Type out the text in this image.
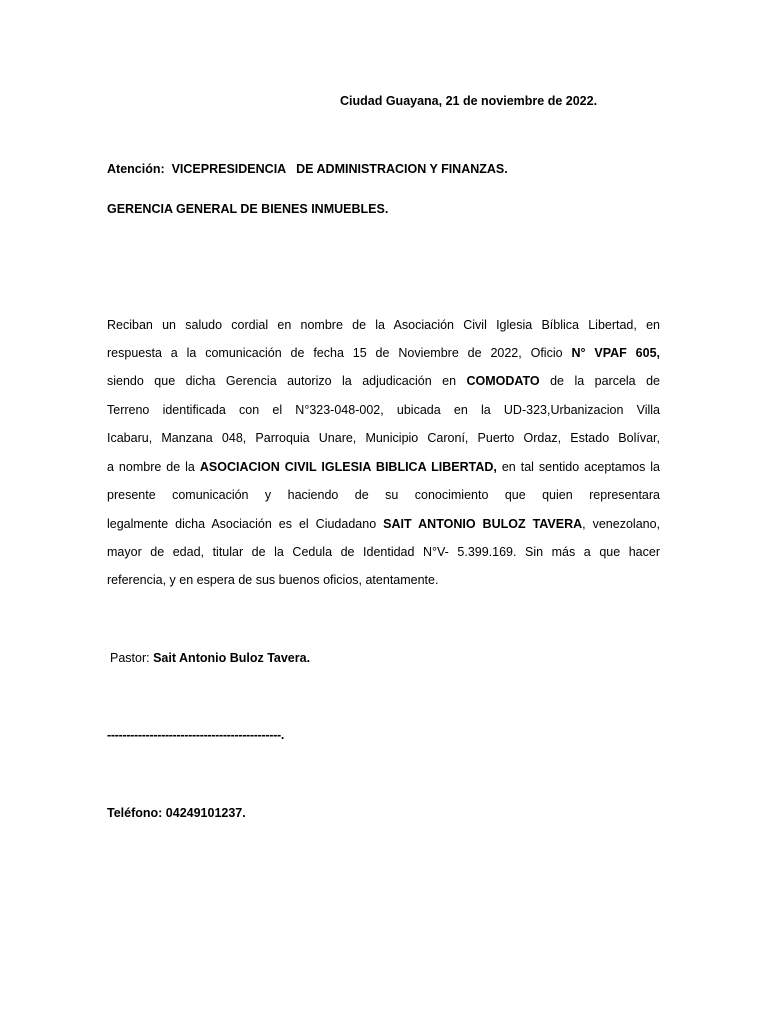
Ciudad Guayana, 21 de noviembre de 2022.
Atención: VICEPRESIDENCIA   DE ADMINISTRACION Y FINANZAS.
GERENCIA GENERAL DE BIENES INMUEBLES.
Reciban un saludo cordial en nombre de la Asociación Civil Iglesia Bíblica Libertad, en
respuesta a la comunicación de fecha 15 de Noviembre de 2022, Oficio N° VPAF 605,
siendo que dicha Gerencia autorizo la adjudicación en COMODATO de la parcela de
Terreno identificada con el N°323-048-002, ubicada en la UD-323,Urbanizacion Villa
Icabaru, Manzana 048, Parroquia Unare, Municipio Caroní, Puerto Ordaz, Estado Bolívar,
a nombre de la ASOCIACION CIVIL IGLESIA BIBLICA LIBERTAD, en tal sentido aceptamos la
presente comunicación y haciendo de su conocimiento que quien representara
legalmente dicha Asociación es el Ciudadano SAIT ANTONIO BULOZ TAVERA, venezolano,
mayor de edad, titular de la Cedula de Identidad N°V- 5.399.169. Sin más a que hacer
referencia, y en espera de sus buenos oficios, atentamente.
Pastor: Sait Antonio Buloz Tavera.
---------------------------------------------.
Teléfono: 04249101237.
